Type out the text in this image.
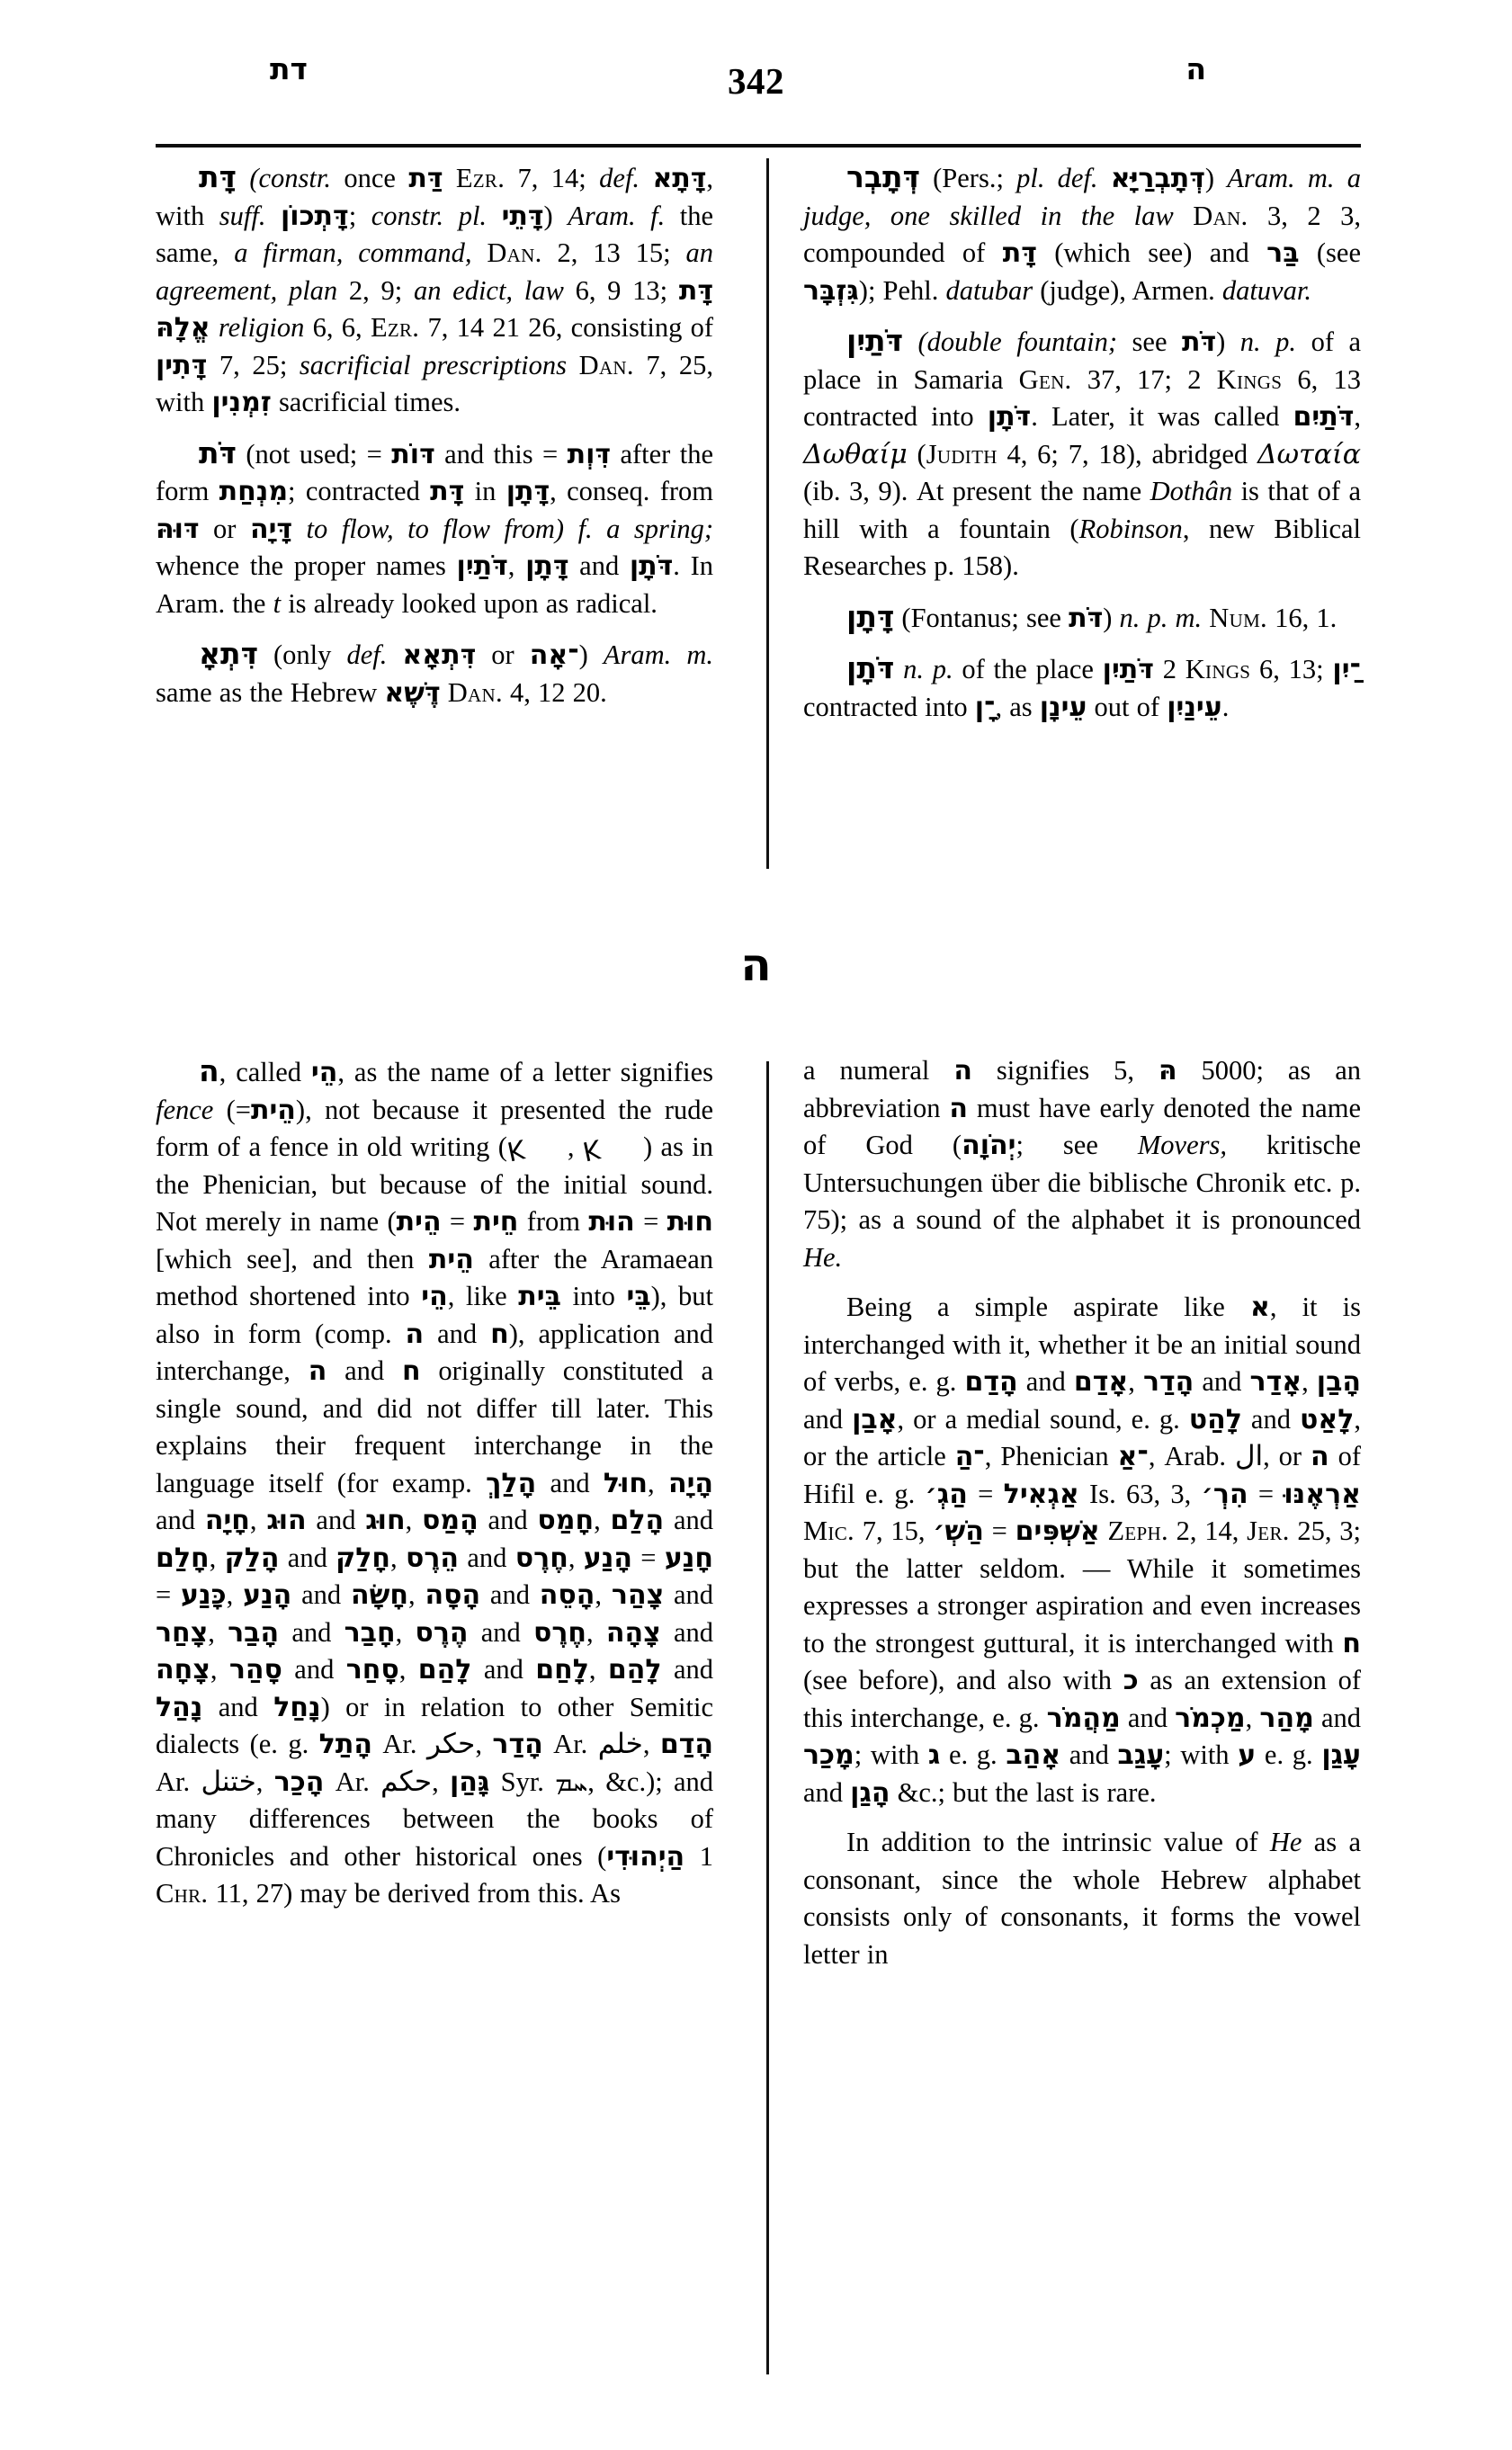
דת	342	ה

דָּת (constr. once דַּת Ezr. 7, 14; def. דָּתָא, with suff. דָּתְכוֹן; constr. pl. דָּתֵי) Aram. f. the same, a firman, command, Dan. 2, 13 15; an agreement, plan 2, 9; an edict, law 6, 9 13; דָּת אֱלָהּ religion 6, 6, Ezr. 7, 14 21 26, consisting of דָּתִין 7, 25; sacrificial prescriptions Dan. 7, 25, with זִמְנִין sacrificial times.

דֹּת (not used; = דּוֹת and this = דִּוְת after the form מִנְחַת; contracted דָּת in דָּתָן, conseq. from דּוּהּ or דָּיָה to flow, to flow from) f. a spring; whence the proper names דֹּתַיִן, דָּתָן and דֹּתָן. In Aram. the t is already looked upon as radical.

דִּתְאָ (only def. דִּתְאָא or ־אָה) Aram. m. same as the Hebrew דֶּשֶׁא Dan. 4, 12 20.

דְּתָבְר (Pers.; pl. def. דְּתָבְרַיָּא) Aram. m. a judge, one skilled in the law Dan. 3, 2 3, compounded of דָּת (which see) and בַּר (see גִּזְבָּר); Pehl. datubar (judge), Armen. datuvar.

דֹּתַיִן (double fountain; see דֹּת) n. p. of a place in Samaria Gen. 37, 17; 2 Kings 6, 13 contracted into דֹּתָן. Later, it was called דֹּתַיִם, Δωθαίμ (Judith 4, 6; 7, 18), abridged Δωταία (ib. 3, 9). At present the name Dothân is that of a hill with a fountain (Robinson, new Biblical Researches p. 158).

דָּתָן (Fontanus; see דֹּת) n. p. m. Num. 16, 1.

דֹּתָן n. p. of the place דֹּתַיִן 2 Kings 6, 13; ־ַיִן contracted into ־ָן, as עֵינָן out of עֵינַיִן.

ה

ה, called הֵי, as the name of a letter signifies fence (=הֵית), not because it presented the rude form of a fence in old writing (ꓘ , ꓘ ) as in the Phenician, but because of the initial sound. Not merely in name (הֵית = חֵית from הוּת = חוּת [which see], and then הֵית after the Aramaean method shortened into הֵי, like בֵּית into בֵּי), but also in form (comp. ה and ח), application and interchange, ה and ח originally constituted a single sound, and did not differ till later. This explains their frequent interchange in the language itself (for examp. הָלַךְ and חוּל, הָיָה and חָיָה, הוּג and חוּג, הָמַס and חָמַס, הָלַם and חָלַם, הָלַק and חָלַק, הֵרֶס and חֶרֶס, הָנַע = חָנַע = כָּנַע, הָנַע and חָשָׂה, הָסָה and הָסֵה, צָהַר and צָחַר, הָבַר and חָבַר, הֶרֶס and חֶרֶס, צָהָה and צָחָה, סָהַר and סָחַר, לָהַם and לָחַם, לָהַם and נָהַל and נָחַל) or in relation to other Semitic dialects (e. g. הָתַל Ar. حكر, הָדַר Ar. خلم, הָדַם Ar. ختنل, הָכַר Ar. حكم, גָּהַן Syr. ܚܡ, &c.); and many differences between the books of Chronicles and other historical ones (הַיְהוּדִי 1 Chr. 11, 27) may be derived from this. As

a numeral ה signifies 5, הּ 5000; as an abbreviation ה must have early denoted the name of God (יְהֹוָה; see Movers, kritische Untersuchungen über die biblische Chronik etc. p. 75); as a sound of the alphabet it is pronounced He.

Being a simple aspirate like א, it is interchanged with it, whether it be an initial sound of verbs, e. g. הָדַם and אָדַם, הָדַר and אָדַר, הָבַן and אָבַן, or a medial sound, e. g. לָהַט and לָאַט, or the article ־הַ, Phenician ־אַ, Arab. ال, or ה of Hifil e. g. הַגְ׳ = אַגְאִיל Is. 63, 3, הִרְ׳ = אַרְאֶנּוּ Mic. 7, 15, הַשְׁ׳ = אַשְׁפִּים Zeph. 2, 14, Jer. 25, 3; but the latter seldom. — While it sometimes expresses a stronger aspiration and even increases to the strongest guttural, it is interchanged with ח (see before), and also with כ as an extension of this interchange, e. g. מַהֲמֹר and מַכְמֹר, מָהַר and מָכַר; with ג e. g. אָהַב and עָגַב; with ע e. g. עָגַן and הָגַן &c.; but the last is rare.

In addition to the intrinsic value of He as a consonant, since the whole Hebrew alphabet consists only of consonants, it forms the vowel letter in
